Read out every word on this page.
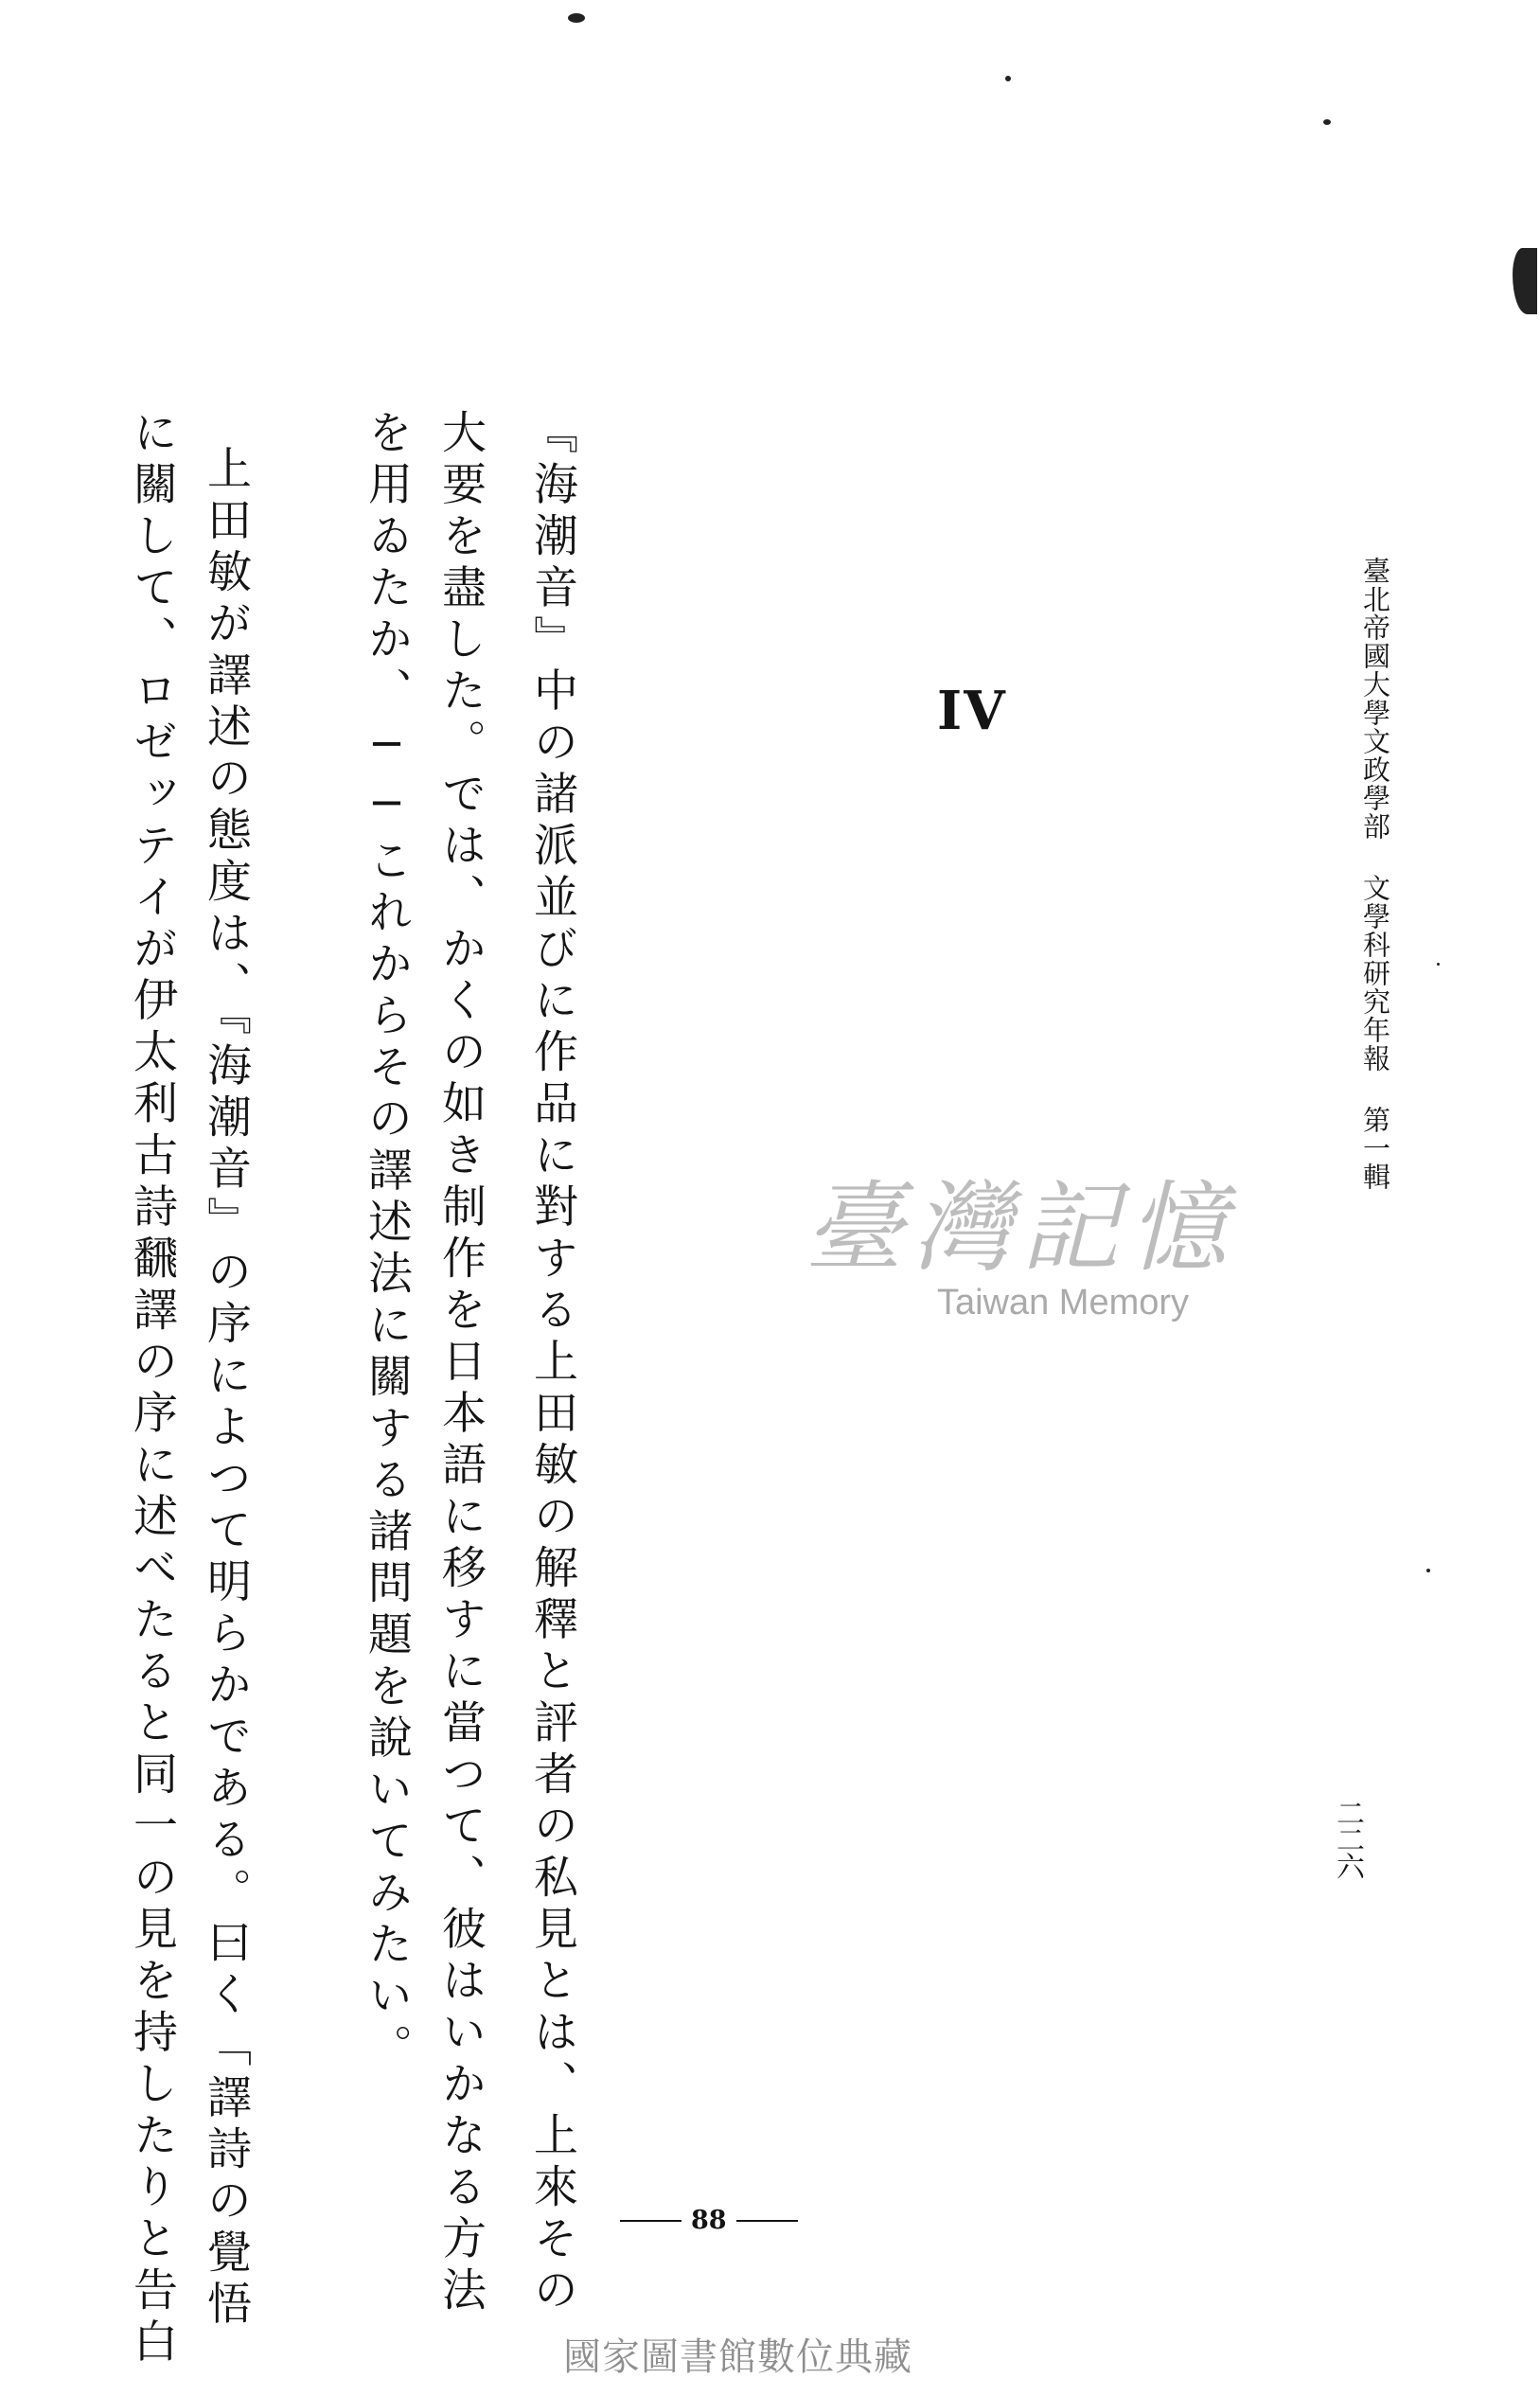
臺北帝國大學文政學部 文學科研究年報 第一輯
二二六
IV
臺灣記憶
Taiwan Memory
『海潮音』中の諸派並びに作品に對する上田敏の解釋と評者の私見とは、上來その
大要を盡した。では、かくの如き制作を日本語に移すに當つて、彼はいかなる方法
を用ゐたか、──これからその譯述法に關する諸問題を說いてみたい。
上田敏が譯述の態度は、『海潮音』の序によつて明らかである。曰く「譯詩の覺悟
に關して、ロゼッテイが伊太利古詩飜譯の序に述べたると同一の見を持したりと告白	88
國家圖書館數位典藏
